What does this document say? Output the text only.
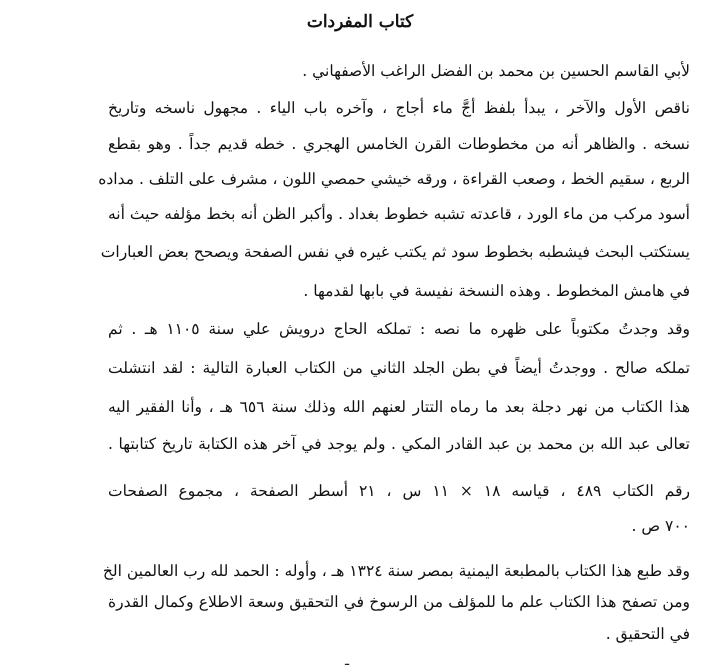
كتاب المفردات
لأبي القاسم الحسين بن محمد بن الفضل الراغب الأصفهاني .
ناقص الأول والآخر ، يبدأ بلفظ أجَّ ماء أجاج ، وآخره باب الياء . مجهول ناسخه وتاريخ
نسخه . والظاهر أنه من مخطوطات القرن الخامس الهجري . خطه قديم جداً . وهو بقطع
الربع ، سقيم الخط ، وصعب القراءة ، ورقه خيشي حمصي اللون ، مشرف على التلف . مداده
أسود مركب من ماء الورد ، قاعدته تشبه خطوط بغداد . وأكبر الظن أنه بخط مؤلفه حيث أنه
يستكتب البحث فيشطبه بخطوط سود ثم يكتب غيره في نفس الصفحة ويصحح بعض العبارات
في هامش المخطوط . وهذه النسخة نفيسة في بابها لقدمها .
وقد وجدتُ مكتوباً على ظهره ما نصه : تملكه الحاج درويش علي سنة ١١٠٥ هـ . ثم
تملكه صالح . ووجدتُ أيضاً في بطن الجلد الثاني من الكتاب العبارة التالية : لقد انتشلت
هذا الكتاب من نهر دجلة بعد ما رماه التتار لعنهم الله وذلك سنة ٦٥٦ هـ ، وأنا الفقير اليه
تعالى عبد الله بن محمد بن عبد القادر المكي . ولم يوجد في آخر هذه الكتابة تاريخ كتابتها .
رقم الكتاب ٤٨٩ ، قياسه ١٨ × ١١ س ، ٢١ أسطر الصفحة ، مجموع الصفحات
٧٠٠ ص .
وقد طبع هذا الكتاب بالمطبعة اليمنية بمصر سنة ١٣٢٤ هـ ، وأوله : الحمد لله رب العالمين الخ
ومن تصفح هذا الكتاب علم ما للمؤلف من الرسوخ في التحقيق وسعة الاطلاع وكمال القدرة
في التحقيق .
ـ
